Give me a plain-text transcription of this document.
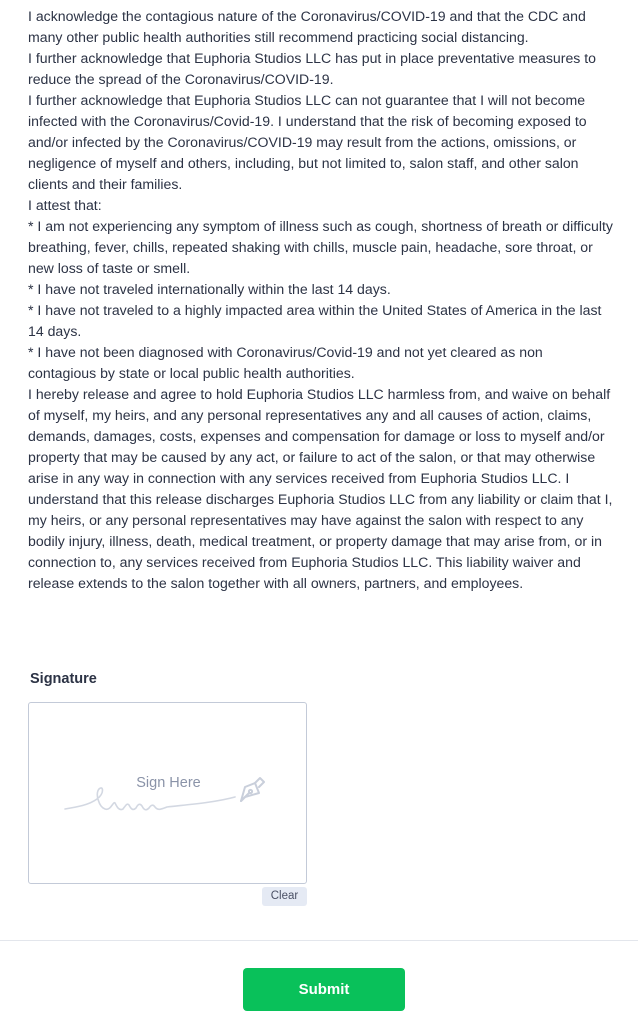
I acknowledge the contagious nature of the Coronavirus/COVID-19 and that the CDC and many other public health authorities still recommend practicing social distancing.

I further acknowledge that Euphoria Studios LLC has put in place preventative measures to reduce the spread of the Coronavirus/COVID-19.

I further acknowledge that Euphoria Studios LLC can not guarantee that I will not become infected with the Coronavirus/Covid-19. I understand that the risk of becoming exposed to and/or infected by the Coronavirus/COVID-19 may result from the actions, omissions, or negligence of myself and others, including, but not limited to, salon staff, and other salon clients and their families.

I attest that:

* I am not experiencing any symptom of illness such as cough, shortness of breath or difficulty breathing, fever, chills, repeated shaking with chills, muscle pain, headache, sore throat, or new loss of taste or smell.

* I have not traveled internationally within the last 14 days.

* I have not traveled to a highly impacted area within the United States of America in the last 14 days.

* I have not been diagnosed with Coronavirus/Covid-19 and not yet cleared as non contagious by state or local public health authorities.

I hereby release and agree to hold Euphoria Studios LLC harmless from, and waive on behalf of myself, my heirs, and any personal representatives any and all causes of action, claims, demands, damages, costs, expenses and compensation for damage or loss to myself and/or property that may be caused by any act, or failure to act of the salon, or that may otherwise arise in any way in connection with any services received from Euphoria Studios LLC. I understand that this release discharges Euphoria Studios LLC from any liability or claim that I, my heirs, or any personal representatives may have against the salon with respect to any bodily injury, illness, death, medical treatment, or property damage that may arise from, or in connection to, any services received from Euphoria Studios LLC. This liability waiver and release extends to the salon together with all owners, partners, and employees.

Signature
Sign Here
Clear
Submit
